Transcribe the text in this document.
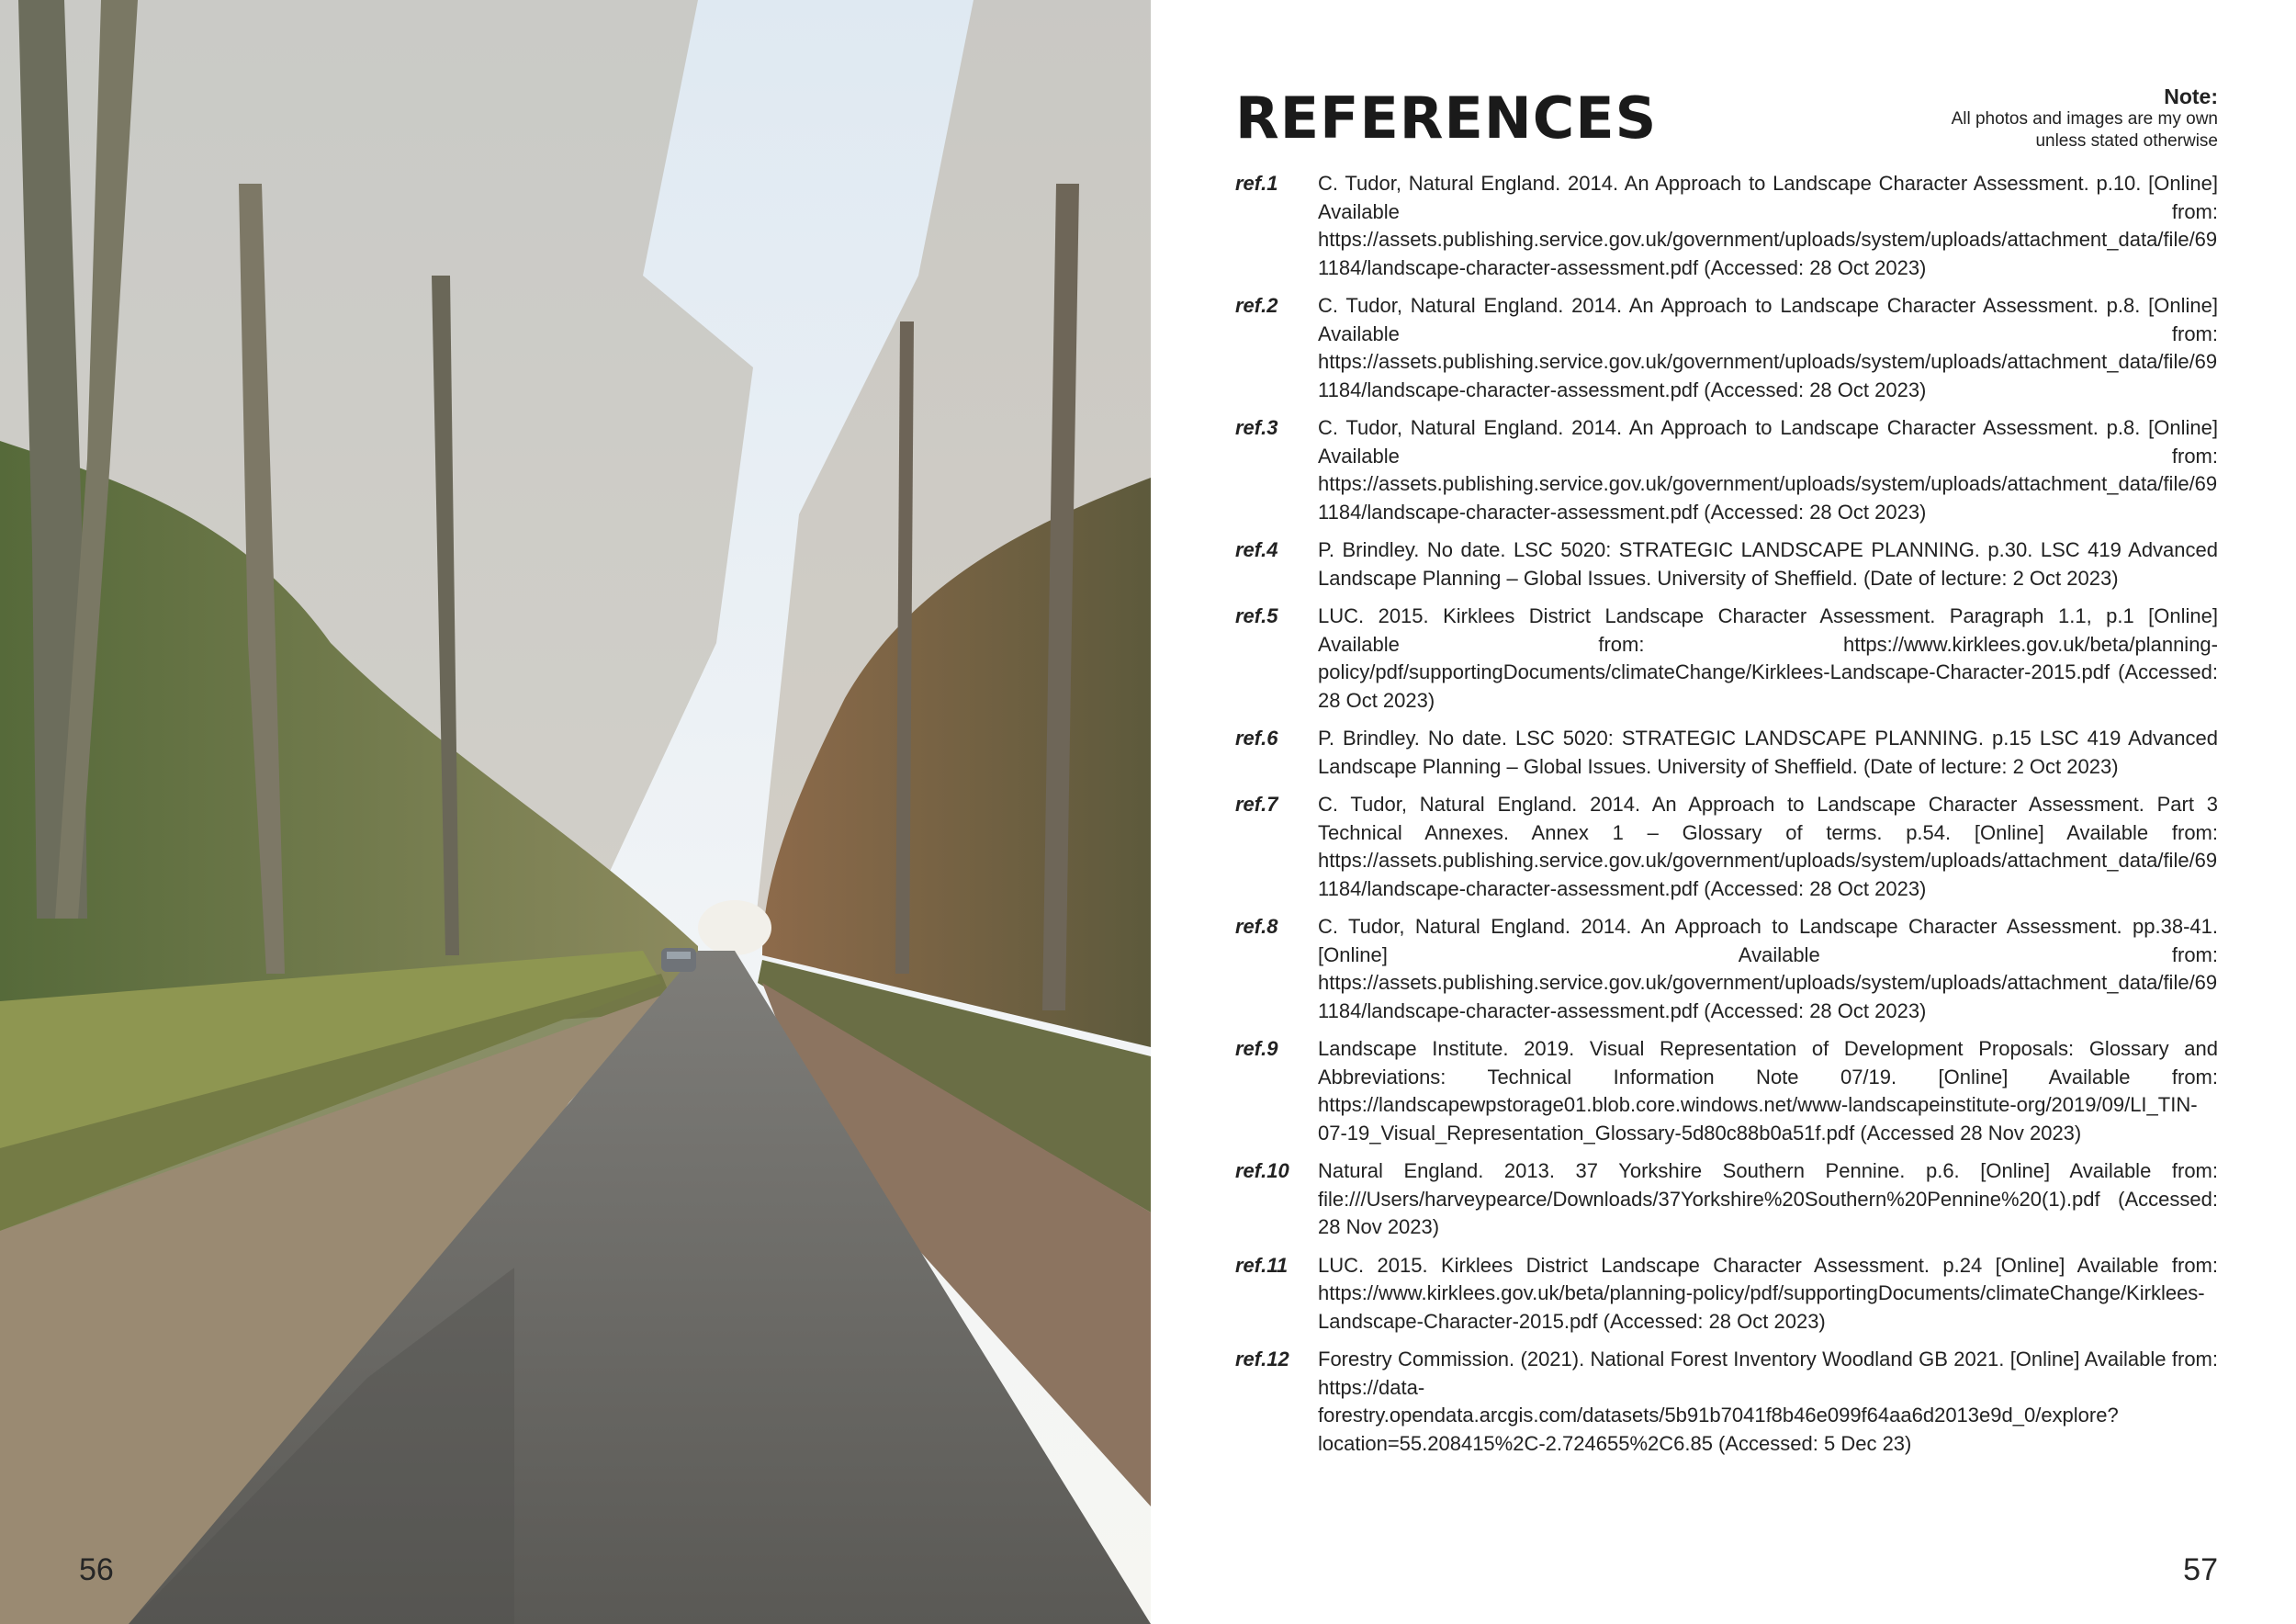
56
REFERENCES	Note:
All photos and images are my own
unless stated otherwise
ref.1	C. Tudor, Natural England. 2014. An Approach to Landscape Character Assessment. p.10. [Online] Available from: https://assets.publishing.service.gov.uk/government/uploads/system/uploads/attachment_data/file/691184/landscape-character-assessment.pdf (Accessed: 28 Oct 2023)
ref.2	C. Tudor, Natural England. 2014. An Approach to Landscape Character Assessment. p.8. [Online] Available from: https://assets.publishing.service.gov.uk/government/uploads/system/uploads/attachment_data/file/691184/landscape-character-assessment.pdf (Accessed: 28 Oct 2023)
ref.3	C. Tudor, Natural England. 2014. An Approach to Landscape Character Assessment. p.8. [Online] Available from: https://assets.publishing.service.gov.uk/government/uploads/system/uploads/attachment_data/file/691184/landscape-character-assessment.pdf (Accessed: 28 Oct 2023)
ref.4	P. Brindley. No date. LSC 5020: STRATEGIC LANDSCAPE PLANNING. p.30. LSC 419 Advanced Landscape Planning – Global Issues. University of Sheffield. (Date of lecture: 2 Oct 2023)
ref.5	LUC. 2015. Kirklees District Landscape Character Assessment. Paragraph 1.1, p.1 [Online] Available from: https://www.kirklees.gov.uk/beta/planning-policy/pdf/supportingDocuments/climateChange/Kirklees-Landscape-Character-2015.pdf (Accessed: 28 Oct 2023)
ref.6	P. Brindley. No date. LSC 5020: STRATEGIC LANDSCAPE PLANNING. p.15 LSC 419 Advanced Landscape Planning – Global Issues. University of Sheffield. (Date of lecture: 2 Oct 2023)
ref.7	C. Tudor, Natural England. 2014. An Approach to Landscape Character Assessment. Part 3 Technical Annexes. Annex 1 – Glossary of terms. p.54. [Online] Available from: https://assets.publishing.service.gov.uk/government/uploads/system/uploads/attachment_data/file/691184/landscape-character-assessment.pdf (Accessed: 28 Oct 2023)
ref.8	C. Tudor, Natural England. 2014. An Approach to Landscape Character Assessment. pp.38-41. [Online] Available from: https://assets.publishing.service.gov.uk/government/uploads/system/uploads/attachment_data/file/691184/landscape-character-assessment.pdf (Accessed: 28 Oct 2023)
ref.9	Landscape Institute. 2019. Visual Representation of Development Proposals: Glossary and Abbreviations: Technical Information Note 07/19. [Online] Available from: https://landscapewpstorage01.blob.core.windows.net/www-landscapeinstitute-org/2019/09/LI_TIN-07-19_Visual_Representation_Glossary-5d80c88b0a51f.pdf (Accessed 28 Nov 2023)
ref.10	Natural England. 2013. 37 Yorkshire Southern Pennine. p.6. [Online] Available from: file:///Users/harveypearce/Downloads/37Yorkshire%20Southern%20Pennine%20(1).pdf (Accessed: 28 Nov 2023)
ref.11	LUC. 2015. Kirklees District Landscape Character Assessment. p.24 [Online] Available from: https://www.kirklees.gov.uk/beta/planning-policy/pdf/supportingDocuments/climateChange/Kirklees-Landscape-Character-2015.pdf (Accessed: 28 Oct 2023)
ref.12	Forestry Commission. (2021). National Forest Inventory Woodland GB 2021. [Online] Available from: https://data-forestry.opendata.arcgis.com/datasets/5b91b7041f8b46e099f64aa6d2013e9d_0/explore?location=55.208415%2C-2.724655%2C6.85 (Accessed: 5 Dec 23)
57
